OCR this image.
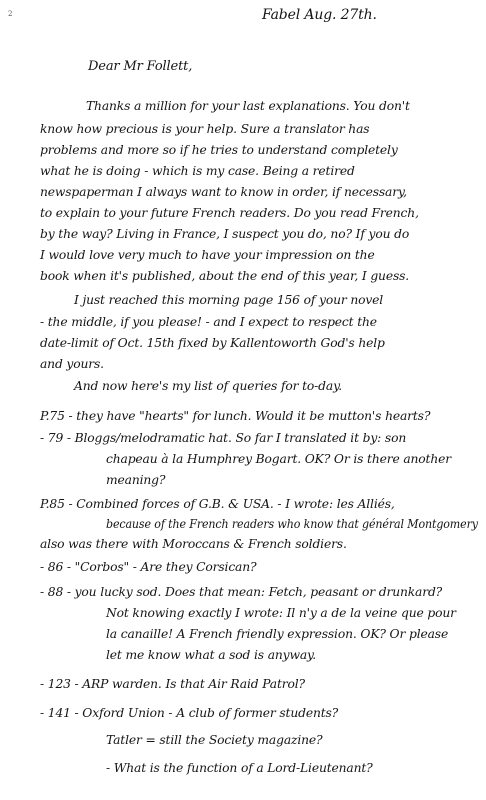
2	Fabel Aug. 27th.
Dear Mr Follett,
Thanks a million for your last explanations. You don't
know how precious is your help. Sure a translator has
problems and more so if he tries to understand completely
what he is doing - which is my case. Being a retired
newspaperman I always want to know in order, if necessary,
to explain to your future French readers. Do you read French,
by the way? Living in France, I suspect you do, no? If you do
I would love very much to have your impression on the
book when it's published, about the end of this year, I guess.
I just reached this morning page 156 of your novel
- the middle, if you please! - and I expect to respect the
date-limit of Oct. 15th fixed by Kallentoworth God's help
and yours.
And now here's my list of queries for to-day.
P.75 - they have "hearts" for lunch. Would it be mutton's hearts?
- 79 - Bloggs/melodramatic hat. So far I translated it by: son
chapeau à la Humphrey Bogart. OK? Or is there another
meaning?
P.85 - Combined forces of G.B. & USA. - I wrote: les Alliés,
because of the French readers who know that général Montgomery
also was there with Moroccans & French soldiers.
- 86 - "Corbos" - Are they Corsican?
- 88 - you lucky sod. Does that mean: Fetch, peasant or drunkard?
Not knowing exactly I wrote: Il n'y a de la veine que pour
la canaille! A French friendly expression. OK? Or please
let me know what a sod is anyway.
- 123 - ARP warden. Is that Air Raid Patrol?
- 141 - Oxford Union - A club of former students?
Tatler = still the Society magazine?
- What is the function of a Lord-Lieutenant?
